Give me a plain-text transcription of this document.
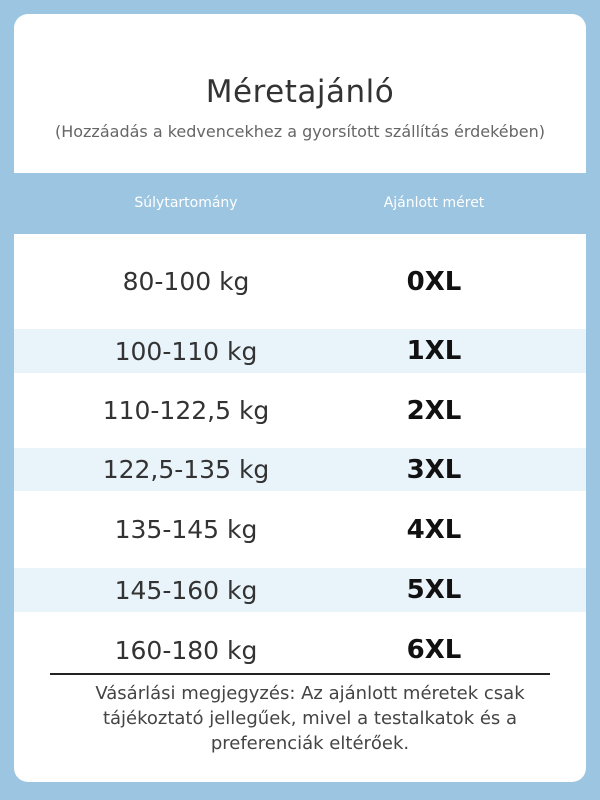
Méretajánló
(Hozzáadás a kedvencekhez a gyorsított szállítás érdekében)
Súlytartomány	Ajánlott méret
80-100 kg	0XL
100-110 kg	1XL
110-122,5 kg	2XL
122,5-135 kg	3XL
135-145 kg	4XL
145-160 kg	5XL
160-180 kg	6XL
Vásárlási megjegyzés: Az ajánlott méretek csak tájékoztató jellegűek, mivel a testalkatok és a preferenciák eltérőek.
